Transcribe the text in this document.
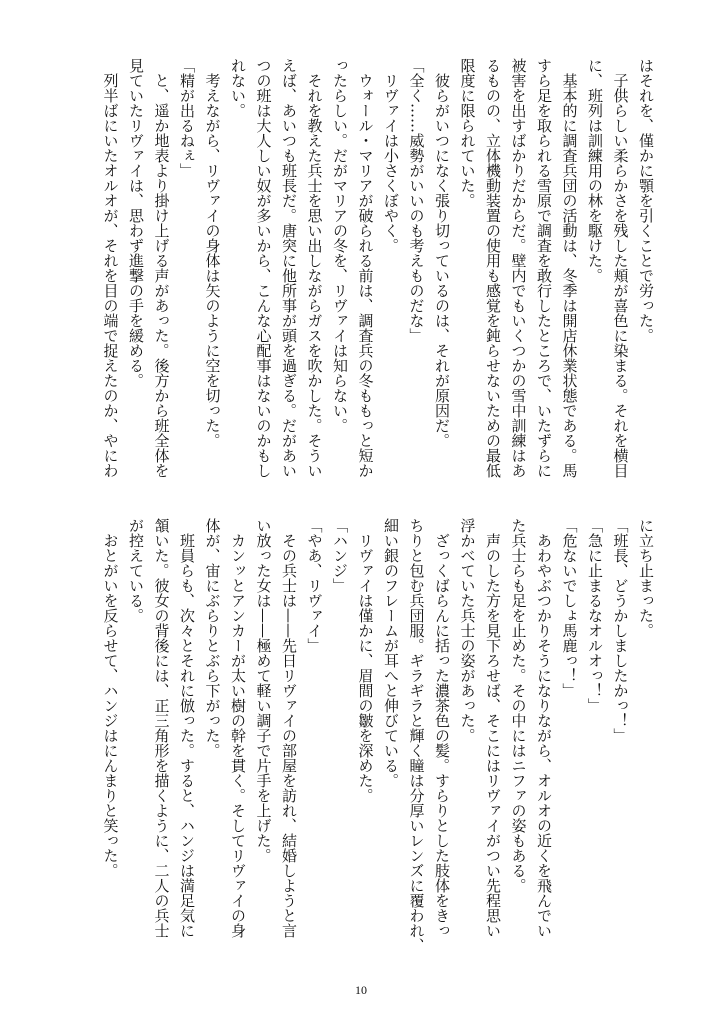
はそれを、僅かに顎を引くことで労った。
　子供らしい柔らかさを残した頬が喜色に染まる。それを横目
に、班列は訓練用の林を駆けた。
　基本的に調査兵団の活動は、冬季は開店休業状態である。馬
すら足を取られる雪原で調査を敢行したところで、いたずらに
被害を出すばかりだからだ。壁内でもいくつかの雪中訓練はあ
るものの、立体機動装置の使用も感覚を鈍らせないための最低
限度に限られていた。
　彼らがいつになく張り切っているのは、それが原因だ。
「全く……威勢がいいのも考えものだな」
　リヴァイは小さくぼやく。
　ウォール・マリアが破られる前は、調査兵の冬ももっと短か
ったらしい。だがマリアの冬を、リヴァイは知らない。
　それを教えた兵士を思い出しながらガスを吹かした。そうい
えば、あいつも班長だ。唐突に他所事が頭を過ぎる。だがあい
つの班は大人しい奴が多いから、こんな心配事はないのかもし
れない。
　考えながら、リヴァイの身体は矢のように空を切った。
「精が出るねぇ」
　と、遥か地表より掛け上げる声があった。後方から班全体を
見ていたリヴァイは、思わず進撃の手を緩める。
　列半ばにいたオルオが、それを目の端で捉えたのか、やにわ
に立ち止まった。
「班長、どうかしましたかっ！」
「急に止まるなオルオっ！」
「危ないでしょ馬鹿っ！」
　あわやぶつかりそうになりながら、オルオの近くを飛んでい
た兵士らも足を止めた。その中にはニファの姿もある。
　声のした方を見下ろせば、そこにはリヴァイがつい先程思い
浮かべていた兵士の姿があった。
　ざっくばらんに括った濃茶色の髪。すらりとした肢体をきっ
ちりと包む兵団服。ギラギラと輝く瞳は分厚いレンズに覆われ、
細い銀のフレームが耳へと伸びている。
　リヴァイは僅かに、眉間の皺を深めた。
「ハンジ」
「やあ、リヴァイ」
　その兵士は——先日リヴァイの部屋を訪れ、結婚しようと言
い放った女は——極めて軽い調子で片手を上げた。
　カンッとアンカーが太い樹の幹を貫く。そしてリヴァイの身
体が、宙にぶらりとぶら下がった。
　班員らも、次々とそれに倣った。すると、ハンジは満足気に
頷いた。彼女の背後には、正三角形を描くように、二人の兵士
が控えている。
　おとがいを反らせて、ハンジはにんまりと笑った。
10
